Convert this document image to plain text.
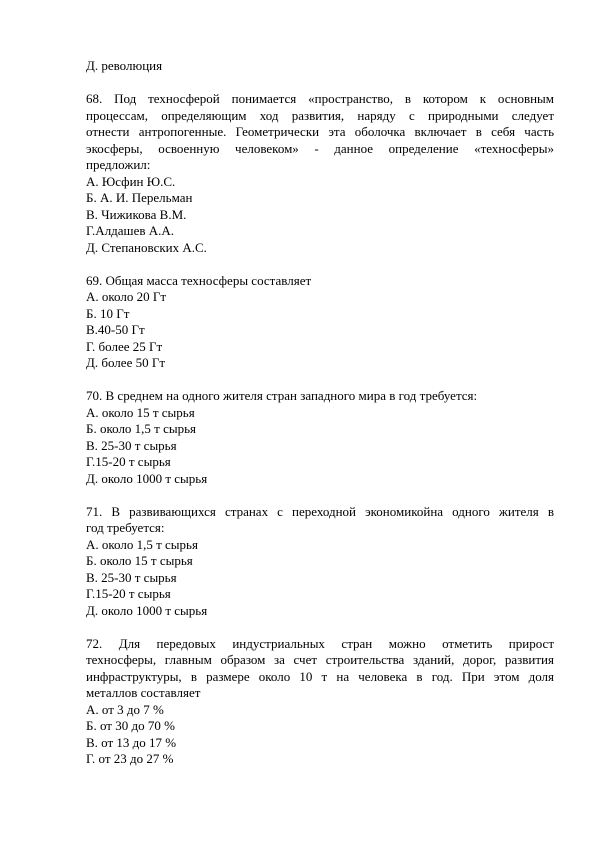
Д. революция
68. Под техносферой понимается «пространство, в котором к основным
процессам, определяющим ход развития, наряду с природными следует
отнести антропогенные. Геометрически эта оболочка включает в себя часть
экосферы, освоенную человеком» - данное определение «техносферы»
предложил:
А. Юсфин Ю.С.
Б. А. И. Перельман
В. Чижикова В.М.
Г.Алдашев А.А.
Д. Степановских А.С.
69. Общая масса техносферы составляет
А. около 20 Гт
Б. 10 Гт
В.40-50 Гт
Г. более 25 Гт
Д. более 50 Гт
70. В среднем на одного жителя стран западного мира в год требуется:
А. около 15 т сырья
Б. около 1,5 т сырья
В. 25-30 т сырья
Г.15-20 т сырья
Д. около 1000 т сырья
71. В развивающихся странах с переходной экономикойна одного жителя в
год требуется:
А. около 1,5 т сырья
Б. около 15 т сырья
В. 25-30 т сырья
Г.15-20 т сырья
Д. около 1000 т сырья
72. Для передовых индустриальных стран можно отметить прирост
техносферы, главным образом за счет строительства зданий, дорог, развития
инфраструктуры, в размере около 10 т на человека в год. При этом доля
металлов составляет
А. от 3 до 7 %
Б. от 30 до 70 %
В. от 13 до 17 %
Г. от 23 до 27 %
